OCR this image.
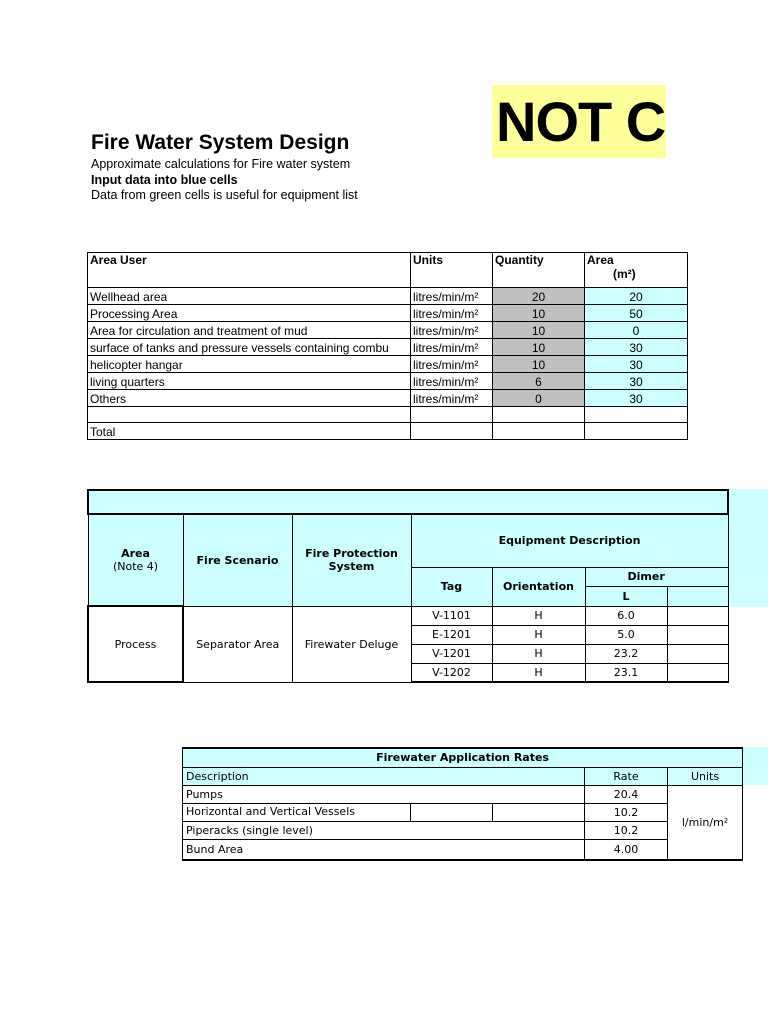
NOT C
Fire Water System Design
Approximate calculations for Fire water system
Input data into blue cells
Data from green cells is useful for equipment list
Area User	Units	Quantity	Area
(m²)
Wellhead area	litres/min/m²	20	20
Processing Area	litres/min/m²	10	50
Area for circulation and treatment of mud	litres/min/m²	10	0
surface of tanks and pressure vessels containing combu	litres/min/m²	10	30
helicopter hangar	litres/min/m²	10	30
living quarters	litres/min/m²	6	30
Others	litres/min/m²	0	30

Total			

Area
(Note 4)	Fire Scenario	Fire Protection System	Equipment Description			
			Tag	Orientation	Dimer	
					L	
Process	Separator Area	Firewater Deluge	V-1101	H	6.0	
			E-1201	H	5.0	
			V-1201	H	23.2	
			V-1202	H	23.1	
Firewater Application Rates				
Description			Rate	Units
Pumps			20.4	l/min/m²

Horizontal and Vertical Vessels			10.2	
Piperacks (single level)			10.2	
Bund Area			4.00	
